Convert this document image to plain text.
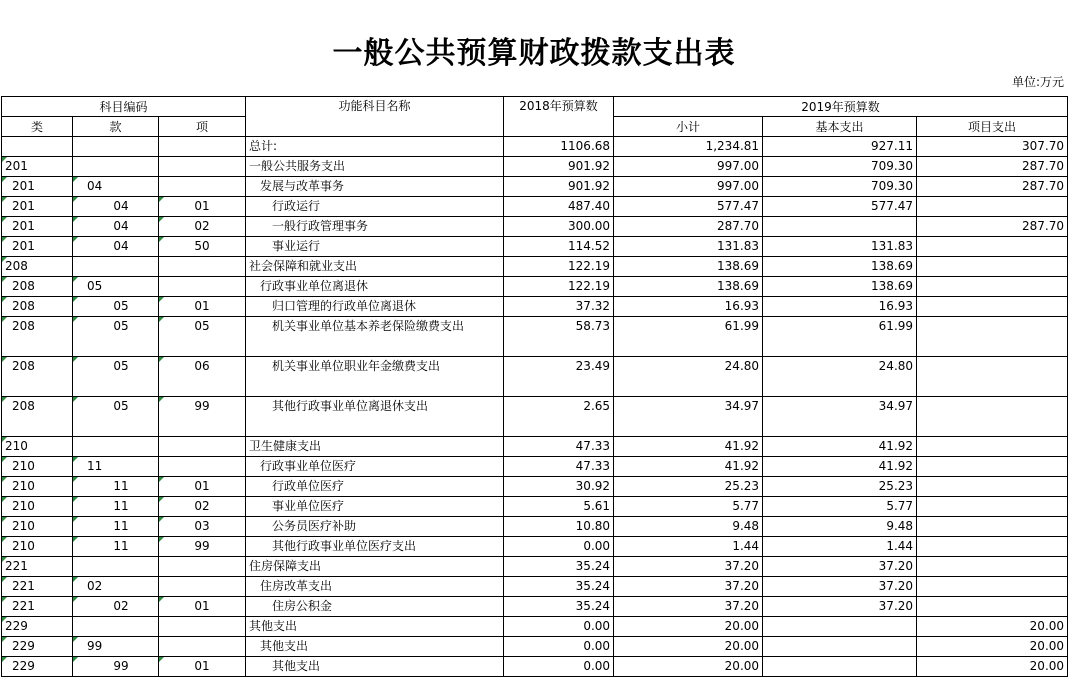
一般公共预算财政拨款支出表
单位:万元
科目编码			功能科目名称	2018年预算数	2019年预算数		
类	款	项			小计	基本支出	项目支出
			总计:	1106.68	1,234.81	927.11	307.70
201			一般公共服务支出	901.92	997.00	709.30	287.70
201	04		发展与改革事务	901.92	997.00	709.30	287.70
201	04	01	行政运行	487.40	577.47	577.47	
201	04	02	一般行政管理事务	300.00	287.70		287.70
201	04	50	事业运行	114.52	131.83	131.83	
208			社会保障和就业支出	122.19	138.69	138.69	
208	05		行政事业单位离退休	122.19	138.69	138.69	
208	05	01	归口管理的行政单位离退休	37.32	16.93	16.93	
208	05	05	机关事业单位基本养老保险缴费支出	58.73	61.99	61.99	
208	05	06	机关事业单位职业年金缴费支出	23.49	24.80	24.80	
208	05	99	其他行政事业单位离退休支出	2.65	34.97	34.97	
210			卫生健康支出	47.33	41.92	41.92	
210	11		行政事业单位医疗	47.33	41.92	41.92	
210	11	01	行政单位医疗	30.92	25.23	25.23	
210	11	02	事业单位医疗	5.61	5.77	5.77	
210	11	03	公务员医疗补助	10.80	9.48	9.48	
210	11	99	其他行政事业单位医疗支出	0.00	1.44	1.44	
221			住房保障支出	35.24	37.20	37.20	
221	02		住房改革支出	35.24	37.20	37.20	
221	02	01	住房公积金	35.24	37.20	37.20	
229			其他支出	0.00	20.00		20.00
229	99		其他支出	0.00	20.00		20.00
229	99	01	其他支出	0.00	20.00		20.00
